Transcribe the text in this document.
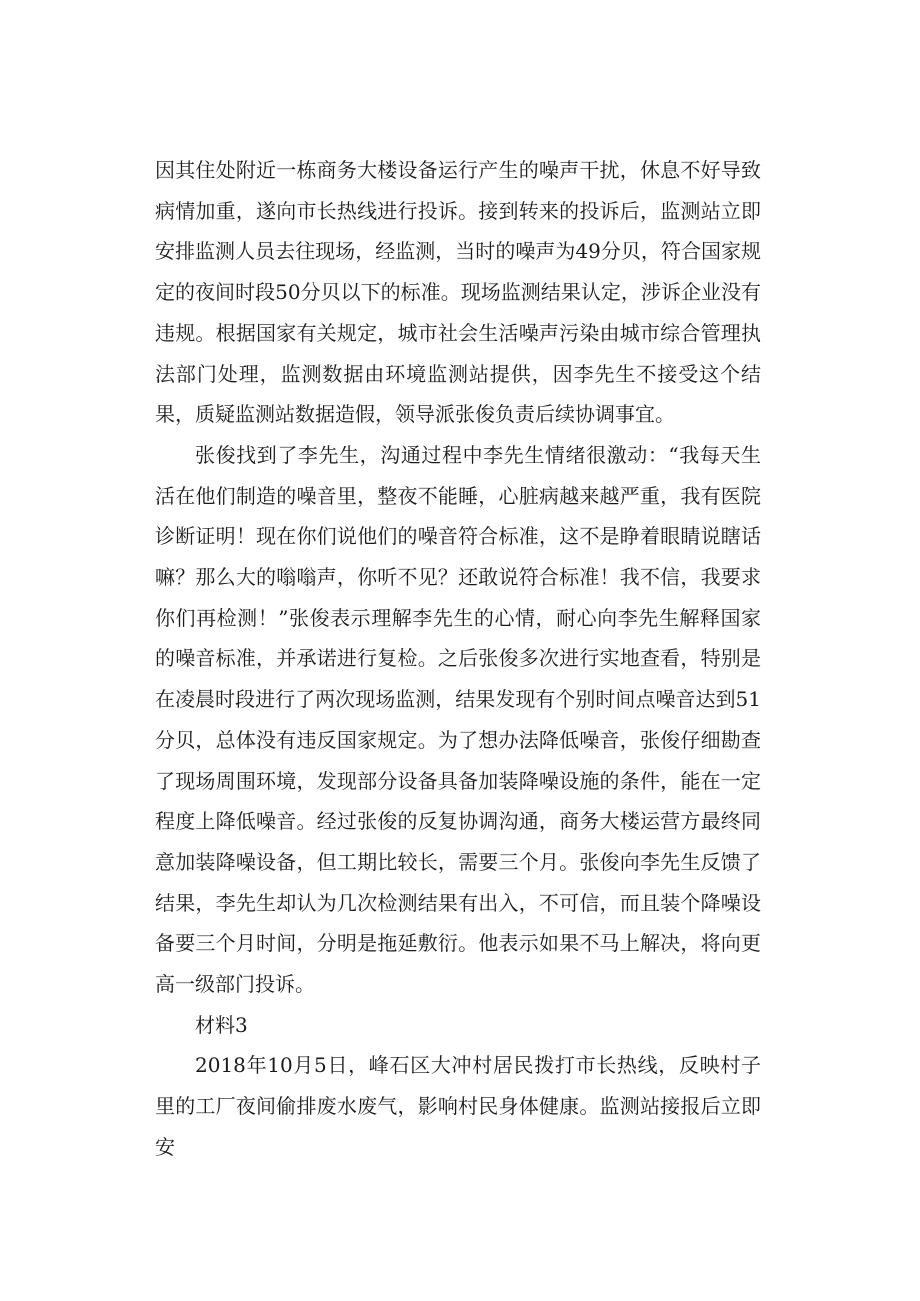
因其住处附近一栋商务大楼设备运行产生的噪声干扰，休息不好导致病情加重，遂向市长热线进行投诉。接到转来的投诉后，监测站立即安排监测人员去往现场，经监测，当时的噪声为49分贝，符合国家规定的夜间时段50分贝以下的标准。现场监测结果认定，涉诉企业没有违规。根据国家有关规定，城市社会生活噪声污染由城市综合管理执法部门处理，监测数据由环境监测站提供，因李先生不接受这个结果，质疑监测站数据造假，领导派张俊负责后续协调事宜。

张俊找到了李先生，沟通过程中李先生情绪很激动：“我每天生活在他们制造的噪音里，整夜不能睡，心脏病越来越严重，我有医院诊断证明！现在你们说他们的噪音符合标准，这不是睁着眼睛说瞎话嘛？那么大的嗡嗡声，你听不见？还敢说符合标准！我不信，我要求你们再检测！”张俊表示理解李先生的心情，耐心向李先生解释国家的噪音标准，并承诺进行复检。之后张俊多次进行实地查看，特别是在凌晨时段进行了两次现场监测，结果发现有个别时间点噪音达到51分贝，总体没有违反国家规定。为了想办法降低噪音，张俊仔细勘查了现场周围环境，发现部分设备具备加装降噪设施的条件，能在一定程度上降低噪音。经过张俊的反复协调沟通，商务大楼运营方最终同意加装降噪设备，但工期比较长，需要三个月。张俊向李先生反馈了结果，李先生却认为几次检测结果有出入，不可信，而且装个降噪设备要三个月时间，分明是拖延敷衍。他表示如果不马上解决，将向更高一级部门投诉。

材料3

2018年10月5日，峰石区大冲村居民拨打市长热线，反映村子里的工厂夜间偷排废水废气，影响村民身体健康。监测站接报后立即安
